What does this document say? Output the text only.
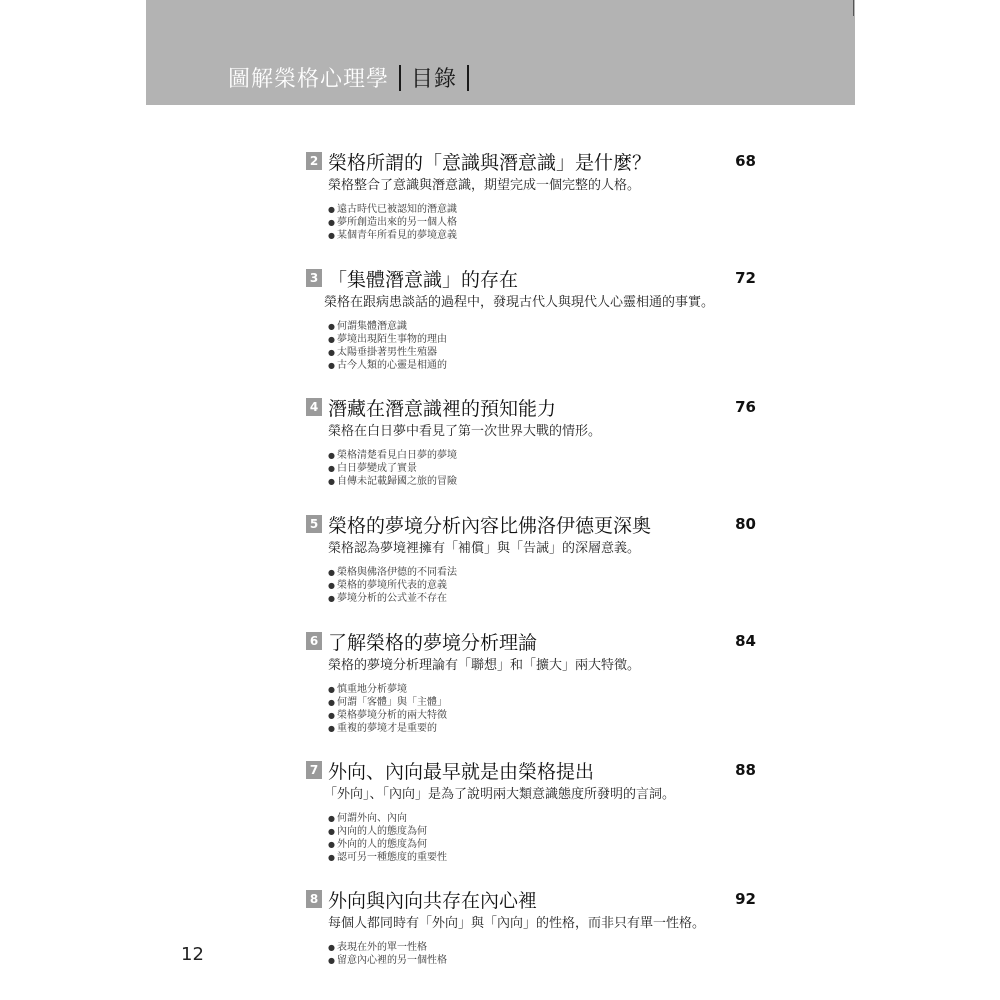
圖解榮格心理學 目錄
2 榮格所謂的「意識與潛意識」是什麼？	68
榮格整合了意識與潛意識，期望完成一個完整的人格。
● 遠古時代已被認知的潛意識
● 夢所創造出來的另一個人格
● 某個青年所看見的夢境意義
3 「集體潛意識」的存在	72
榮格在跟病患談話的過程中，發現古代人與現代人心靈相通的事實。
● 何謂集體潛意識
● 夢境出現陌生事物的理由
● 太陽垂掛著男性生殖器
● 古今人類的心靈是相通的
4 潛藏在潛意識裡的預知能力	76
榮格在白日夢中看見了第一次世界大戰的情形。
● 榮格清楚看見白日夢的夢境
● 白日夢變成了實景
● 自傳未記載歸國之旅的冒險
5 榮格的夢境分析內容比佛洛伊德更深奧	80
榮格認為夢境裡擁有「補償」與「告誡」的深層意義。
● 榮格與佛洛伊德的不同看法
● 榮格的夢境所代表的意義
● 夢境分析的公式並不存在
6 了解榮格的夢境分析理論	84
榮格的夢境分析理論有「聯想」和「擴大」兩大特徵。
● 慎重地分析夢境
● 何謂「客體」與「主體」
● 榮格夢境分析的兩大特徵
● 重複的夢境才是重要的
7 外向、內向最早就是由榮格提出	88
「外向」、「內向」是為了說明兩大類意識態度所發明的言詞。
● 何謂外向、內向
● 內向的人的態度為何
● 外向的人的態度為何
● 認可另一種態度的重要性
8 外向與內向共存在內心裡	92
每個人都同時有「外向」與「內向」的性格，而非只有單一性格。
● 表現在外的單一性格
● 留意內心裡的另一個性格
12
